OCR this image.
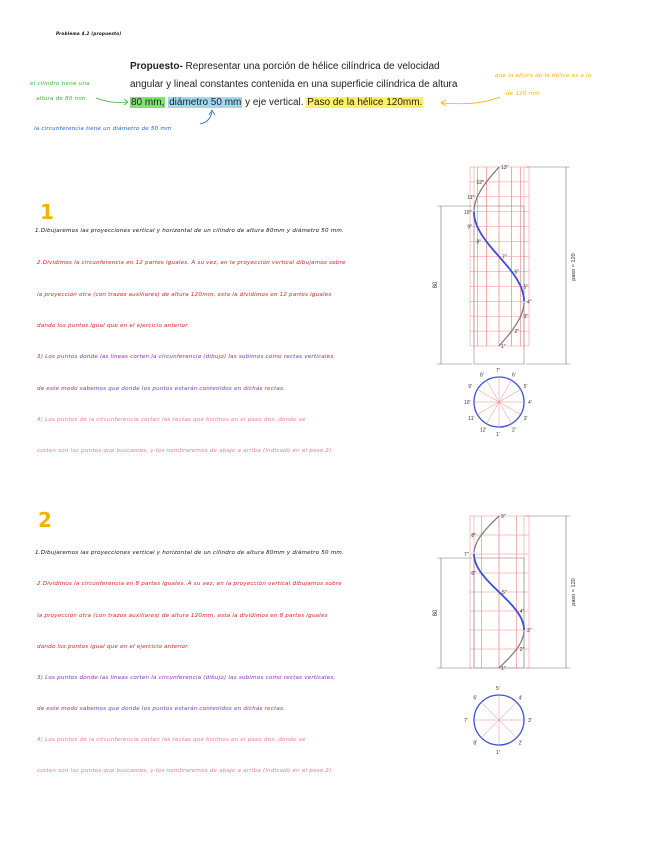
Problema 4.2 (propuesto)
Propuesto- Representar una porción de hélice cilíndrica de velocidad angular y lineal constantes contenida en una superficie cilíndrica de altura 80 mm, diámetro 50 mm y eje vertical. Paso de la hélice 120mm.
el cilindro tiene una
altura de 80 mm
la circunferencia tiene un diámetro de 50 mm
que la altura de la hélice es a lo
de 120 mm
1
1.Dibujaremos las proyecciones vertical y horizontal de un cilindro de altura 80mm y diámetro 50 mm.
2.Dividimos la circunferencia en 12 partes iguales. A su vez, en la proyección vertical dibujamos sobre
la proyección otra (con trazos auxiliares) de altura 120mm, esta la dividimos en 12 partes iguales
dando los puntos igual que en el ejercicio anterior.
3) Los puntos donde las líneas corten la circunferencia (dibujo) las subimos como rectas verticales,
de este modo sabemos que donde los puntos estarán contenidos en dichas rectas.
4) Los puntos de la circunferencia corten las rectas que hicimos en el paso dos, donde se
corten son los puntos que buscamos, y los nombraremos de abajo a arriba (indicado en el paso 2).
2
1.Dibujaremos las proyecciones vertical y horizontal de un cilindro de altura 80mm y diámetro 50 mm.
2.Dividimos la circunferencia en 8 partes iguales. A su vez, en la proyección vertical dibujamos sobre
la proyección otra (con trazos auxiliares) de altura 120mm, esta la dividimos en 8 partes iguales
dando los puntos igual que en el ejercicio anterior.
3) Los puntos donde las líneas corten la circunferencia (dibujo) las subimos como rectas verticales,
de este modo sabemos que donde los puntos estarán contenidos en dichas rectas.
4) Los puntos de la circunferencia corten las rectas que hicimos en el paso dos, donde se
corten son los puntos que buscamos, y los nombraremos de abajo a arriba (indicado en el paso 2).
1''
2''
3''
4''
5''
6''
7''
8''
9''
10''
11''
12''
13''
80
paso = 120
1'
2'
3'
4'
5'
6'
7'
8'
9'
10'
11'
12'
1''
2''
3''
4''
5''
6''
7''
8''
9''
80
paso = 120
1'
2'
3'
4'
5'
6'
7'
8'
